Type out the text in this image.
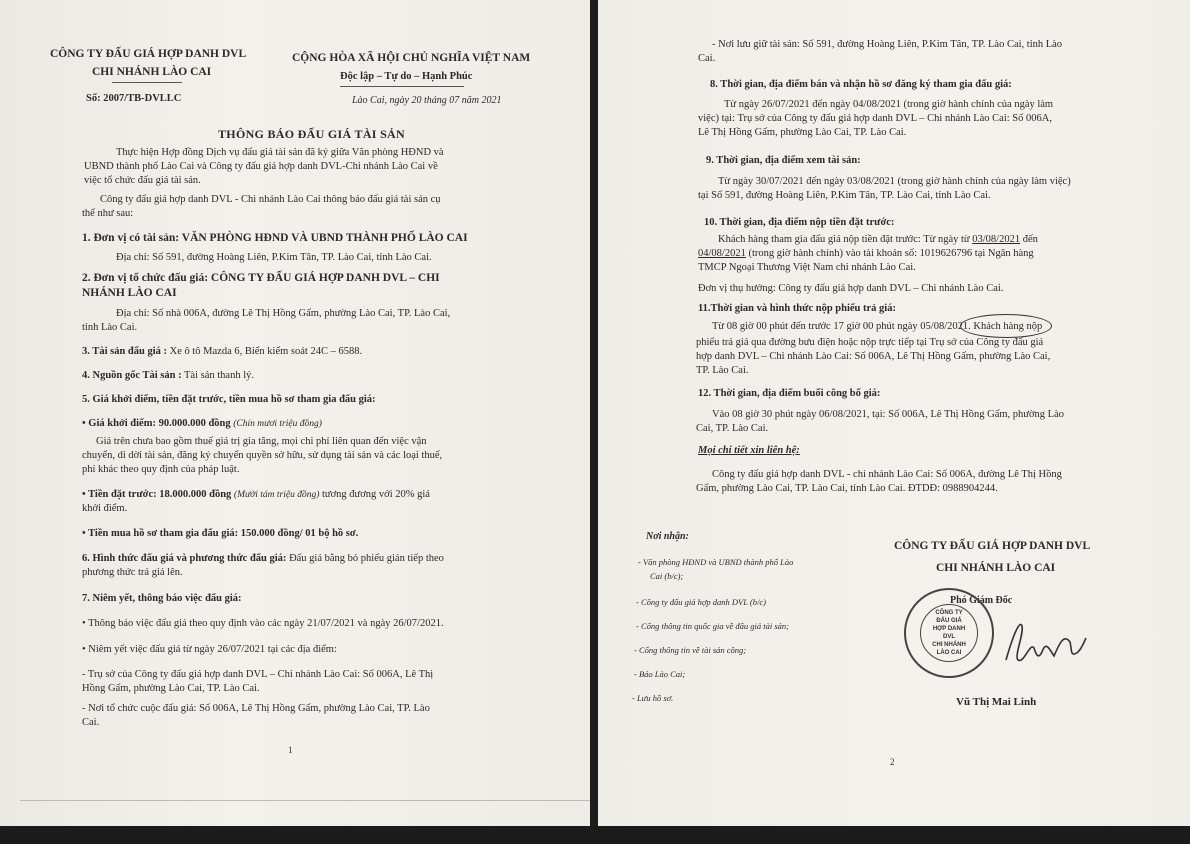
CÔNG TY ĐẤU GIÁ HỢP DANH DVL
CHI NHÁNH LÀO CAI
Số: 2007/TB-DVLLC
CỘNG HÒA XÃ HỘI CHỦ NGHĨA VIỆT NAM
Độc lập – Tự do – Hạnh Phúc
Lào Cai, ngày 20 tháng 07 năm 2021
THÔNG BÁO ĐẤU GIÁ TÀI SẢN
Thực hiện Hợp đồng Dịch vụ đấu giá tài sản đã ký giữa Văn phòng HĐND và
UBND thành phố Lào Cai và Công ty đấu giá hợp danh DVL-Chi nhánh Lào Cai về
việc tổ chức đấu giá tài sản.
Công ty đấu giá hợp danh DVL - Chi nhánh Lào Cai thông báo đấu giá tài sản cụ
thể như sau:
1. Đơn vị có tài sản: VĂN PHÒNG HĐND VÀ UBND THÀNH PHỐ LÀO CAI
Địa chỉ: Số 591, đường Hoàng Liên, P.Kim Tân, TP. Lào Cai, tỉnh Lào Cai.
2. Đơn vị tổ chức đấu giá: CÔNG TY ĐẤU GIÁ HỢP DANH DVL – CHI
NHÁNH LÀO CAI
Địa chỉ: Số nhà 006A, đường Lê Thị Hồng Gấm, phường Lào Cai, TP. Lào Cai,
tỉnh Lào Cai.
3. Tài sản đấu giá : Xe ô tô Mazda 6, Biển kiểm soát 24C – 6588.
4. Nguồn gốc Tài sản : Tài sản thanh lý.
5. Giá khởi điểm, tiền đặt trước, tiền mua hồ sơ tham gia đấu giá:
• Giá khởi điểm: 90.000.000 đồng (Chín mươi triệu đồng)
Giá trên chưa bao gồm thuế giá trị gia tăng, mọi chi phí liên quan đến việc vận
chuyển, di dời tài sản, đăng ký chuyển quyền sở hữu, sử dụng tài sản và các loại thuế,
phí khác theo quy định của pháp luật.
• Tiền đặt trước: 18.000.000 đồng (Mười tám triệu đồng) tương đương với 20% giá
khởi điểm.
• Tiền mua hồ sơ tham gia đấu giá: 150.000 đồng/ 01 bộ hồ sơ.
6. Hình thức đấu giá và phương thức đấu giá: Đấu giá bằng bỏ phiếu gián tiếp theo
phương thức trả giá lên.
7. Niêm yết, thông báo việc đấu giá:
• Thông báo việc đấu giá theo quy định vào các ngày 21/07/2021 và ngày 26/07/2021.
• Niêm yết việc đấu giá từ ngày 26/07/2021 tại các địa điểm:
- Trụ sở của Công ty đấu giá hợp danh DVL – Chi nhánh Lào Cai: Số 006A, Lê Thị
Hồng Gấm, phường Lào Cai, TP. Lào Cai.
- Nơi tổ chức cuộc đấu giá: Số 006A, Lê Thị Hồng Gấm, phường Lào Cai, TP. Lào
Cai.
1
- Nơi lưu giữ tài sản: Số 591, đường Hoàng Liên, P.Kim Tân, TP. Lào Cai, tỉnh Lào
Cai.
8. Thời gian, địa điểm bán và nhận hồ sơ đăng ký tham gia đấu giá:
Từ ngày 26/07/2021 đến ngày 04/08/2021 (trong giờ hành chính của ngày làm
việc) tại: Trụ sở của Công ty đấu giá hợp danh DVL – Chi nhánh Lào Cai: Số 006A,
Lê Thị Hồng Gấm, phường Lào Cai, TP. Lào Cai.
9. Thời gian, địa điểm xem tài sản:
Từ ngày 30/07/2021 đến ngày 03/08/2021 (trong giờ hành chính của ngày làm việc)
tại Số 591, đường Hoàng Liên, P.Kim Tân, TP. Lào Cai, tỉnh Lào Cai.
10. Thời gian, địa điểm nộp tiền đặt trước:
Khách hàng tham gia đấu giá nộp tiền đặt trước: Từ ngày từ 03/08/2021 đến
04/08/2021 (trong giờ hành chính) vào tài khoản số: 1019626796 tại Ngân hàng
TMCP Ngoại Thương Việt Nam chi nhánh Lào Cai.
Đơn vị thụ hưởng: Công ty đấu giá hợp danh DVL – Chi nhánh Lào Cai.
11.Thời gian và hình thức nộp phiếu trả giá:
Từ 08 giờ 00 phút đến trước 17 giờ 00 phút ngày 05/08/2021. Khách hàng nộp
phiếu trả giá qua đường bưu điện hoặc nộp trực tiếp tại Trụ sở của Công ty đấu giá
hợp danh DVL – Chi nhánh Lào Cai: Số 006A, Lê Thị Hồng Gấm, phường Lào Cai,
TP. Lào Cai.
12. Thời gian, địa điểm buổi công bố giá:
Vào 08 giờ 30 phút ngày 06/08/2021, tại: Số 006A, Lê Thị Hồng Gấm, phường Lào
Cai, TP. Lào Cai.
Mọi chi tiết xin liên hệ:
Công ty đấu giá hợp danh DVL - chi nhánh Lào Cai: Số 006A, đường Lê Thị Hồng
Gấm, phường Lào Cai, TP. Lào Cai, tỉnh Lào Cai. ĐTDĐ: 0988904244.
Nơi nhận:
- Văn phòng HĐND và UBND thành phố Lào
Cai (b/c);
- Công ty đấu giá hợp danh DVL (b/c)
- Cổng thông tin quốc gia về đấu giá tài sản;
- Cổng thông tin về tài sản công;
- Báo Lào Cai;
- Lưu hồ sơ.
CÔNG TY ĐẤU GIÁ HỢP DANH DVL
CHI NHÁNH LÀO CAI
Phó Giám Đốc
CÔNG TY
ĐẤU GIÁ
HỢP DANH
DVL
CHI NHÁNH
LÀO CAI
Vũ Thị Mai Linh
2
